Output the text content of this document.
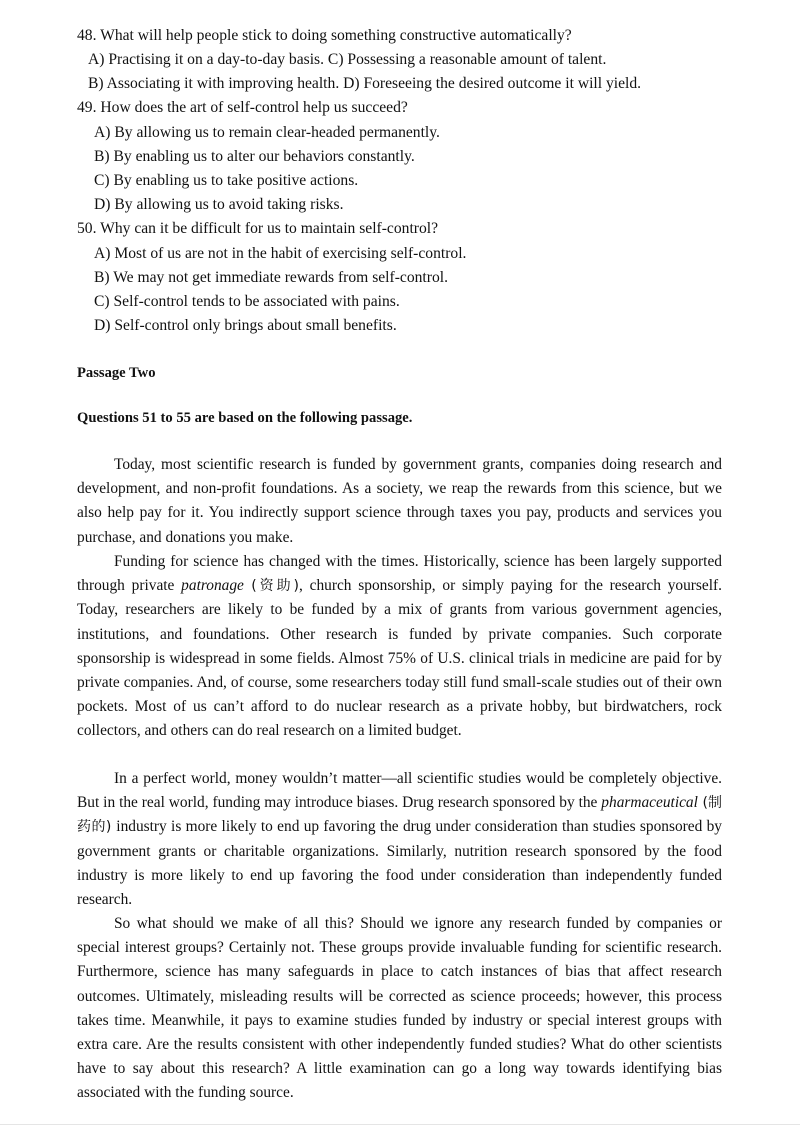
48. What will help people stick to doing something constructive automatically?
A) Practising it on a day-to-day basis. C) Possessing a reasonable amount of talent.
B) Associating it with improving health. D) Foreseeing the desired outcome it will yield.
49. How does the art of self-control help us succeed?
A) By allowing us to remain clear-headed permanently.
B) By enabling us to alter our behaviors constantly.
C) By enabling us to take positive actions.
D) By allowing us to avoid taking risks.
50. Why can it be difficult for us to maintain self-control?
A) Most of us are not in the habit of exercising self-control.
B) We may not get immediate rewards from self-control.
C) Self-control tends to be associated with pains.
D) Self-control only brings about small benefits.
Passage Two
Questions 51 to 55 are based on the following passage.

Today, most scientific research is funded by government grants, companies doing research and development, and non-profit foundations. As a society, we reap the rewards from this science, but we also help pay for it. You indirectly support science through taxes you pay, products and services you purchase, and donations you make.

Funding for science has changed with the times. Historically, science has been largely supported through private patronage (资助), church sponsorship, or simply paying for the research yourself. Today, researchers are likely to be funded by a mix of grants from various government agencies, institutions, and foundations. Other research is funded by private companies. Such corporate sponsorship is widespread in some fields. Almost 75% of U.S. clinical trials in medicine are paid for by private companies. And, of course, some researchers today still fund small-scale studies out of their own pockets. Most of us can’t afford to do nuclear research as a private hobby, but birdwatchers, rock collectors, and others can do real research on a limited budget.

In a perfect world, money wouldn’t matter—all scientific studies would be completely objective. But in the real world, funding may introduce biases. Drug research sponsored by the pharmaceutical (制药的) industry is more likely to end up favoring the drug under consideration than studies sponsored by government grants or charitable organizations. Similarly, nutrition research sponsored by the food industry is more likely to end up favoring the food under consideration than independently funded research.

So what should we make of all this? Should we ignore any research funded by companies or special interest groups? Certainly not. These groups provide invaluable funding for scientific research. Furthermore, science has many safeguards in place to catch instances of bias that affect research outcomes. Ultimately, misleading results will be corrected as science proceeds; however, this process takes time. Meanwhile, it pays to examine studies funded by industry or special interest groups with extra care. Are the results consistent with other independently funded studies? What do other scientists have to say about this research? A little examination can go a long way towards identifying bias associated with the funding source.
